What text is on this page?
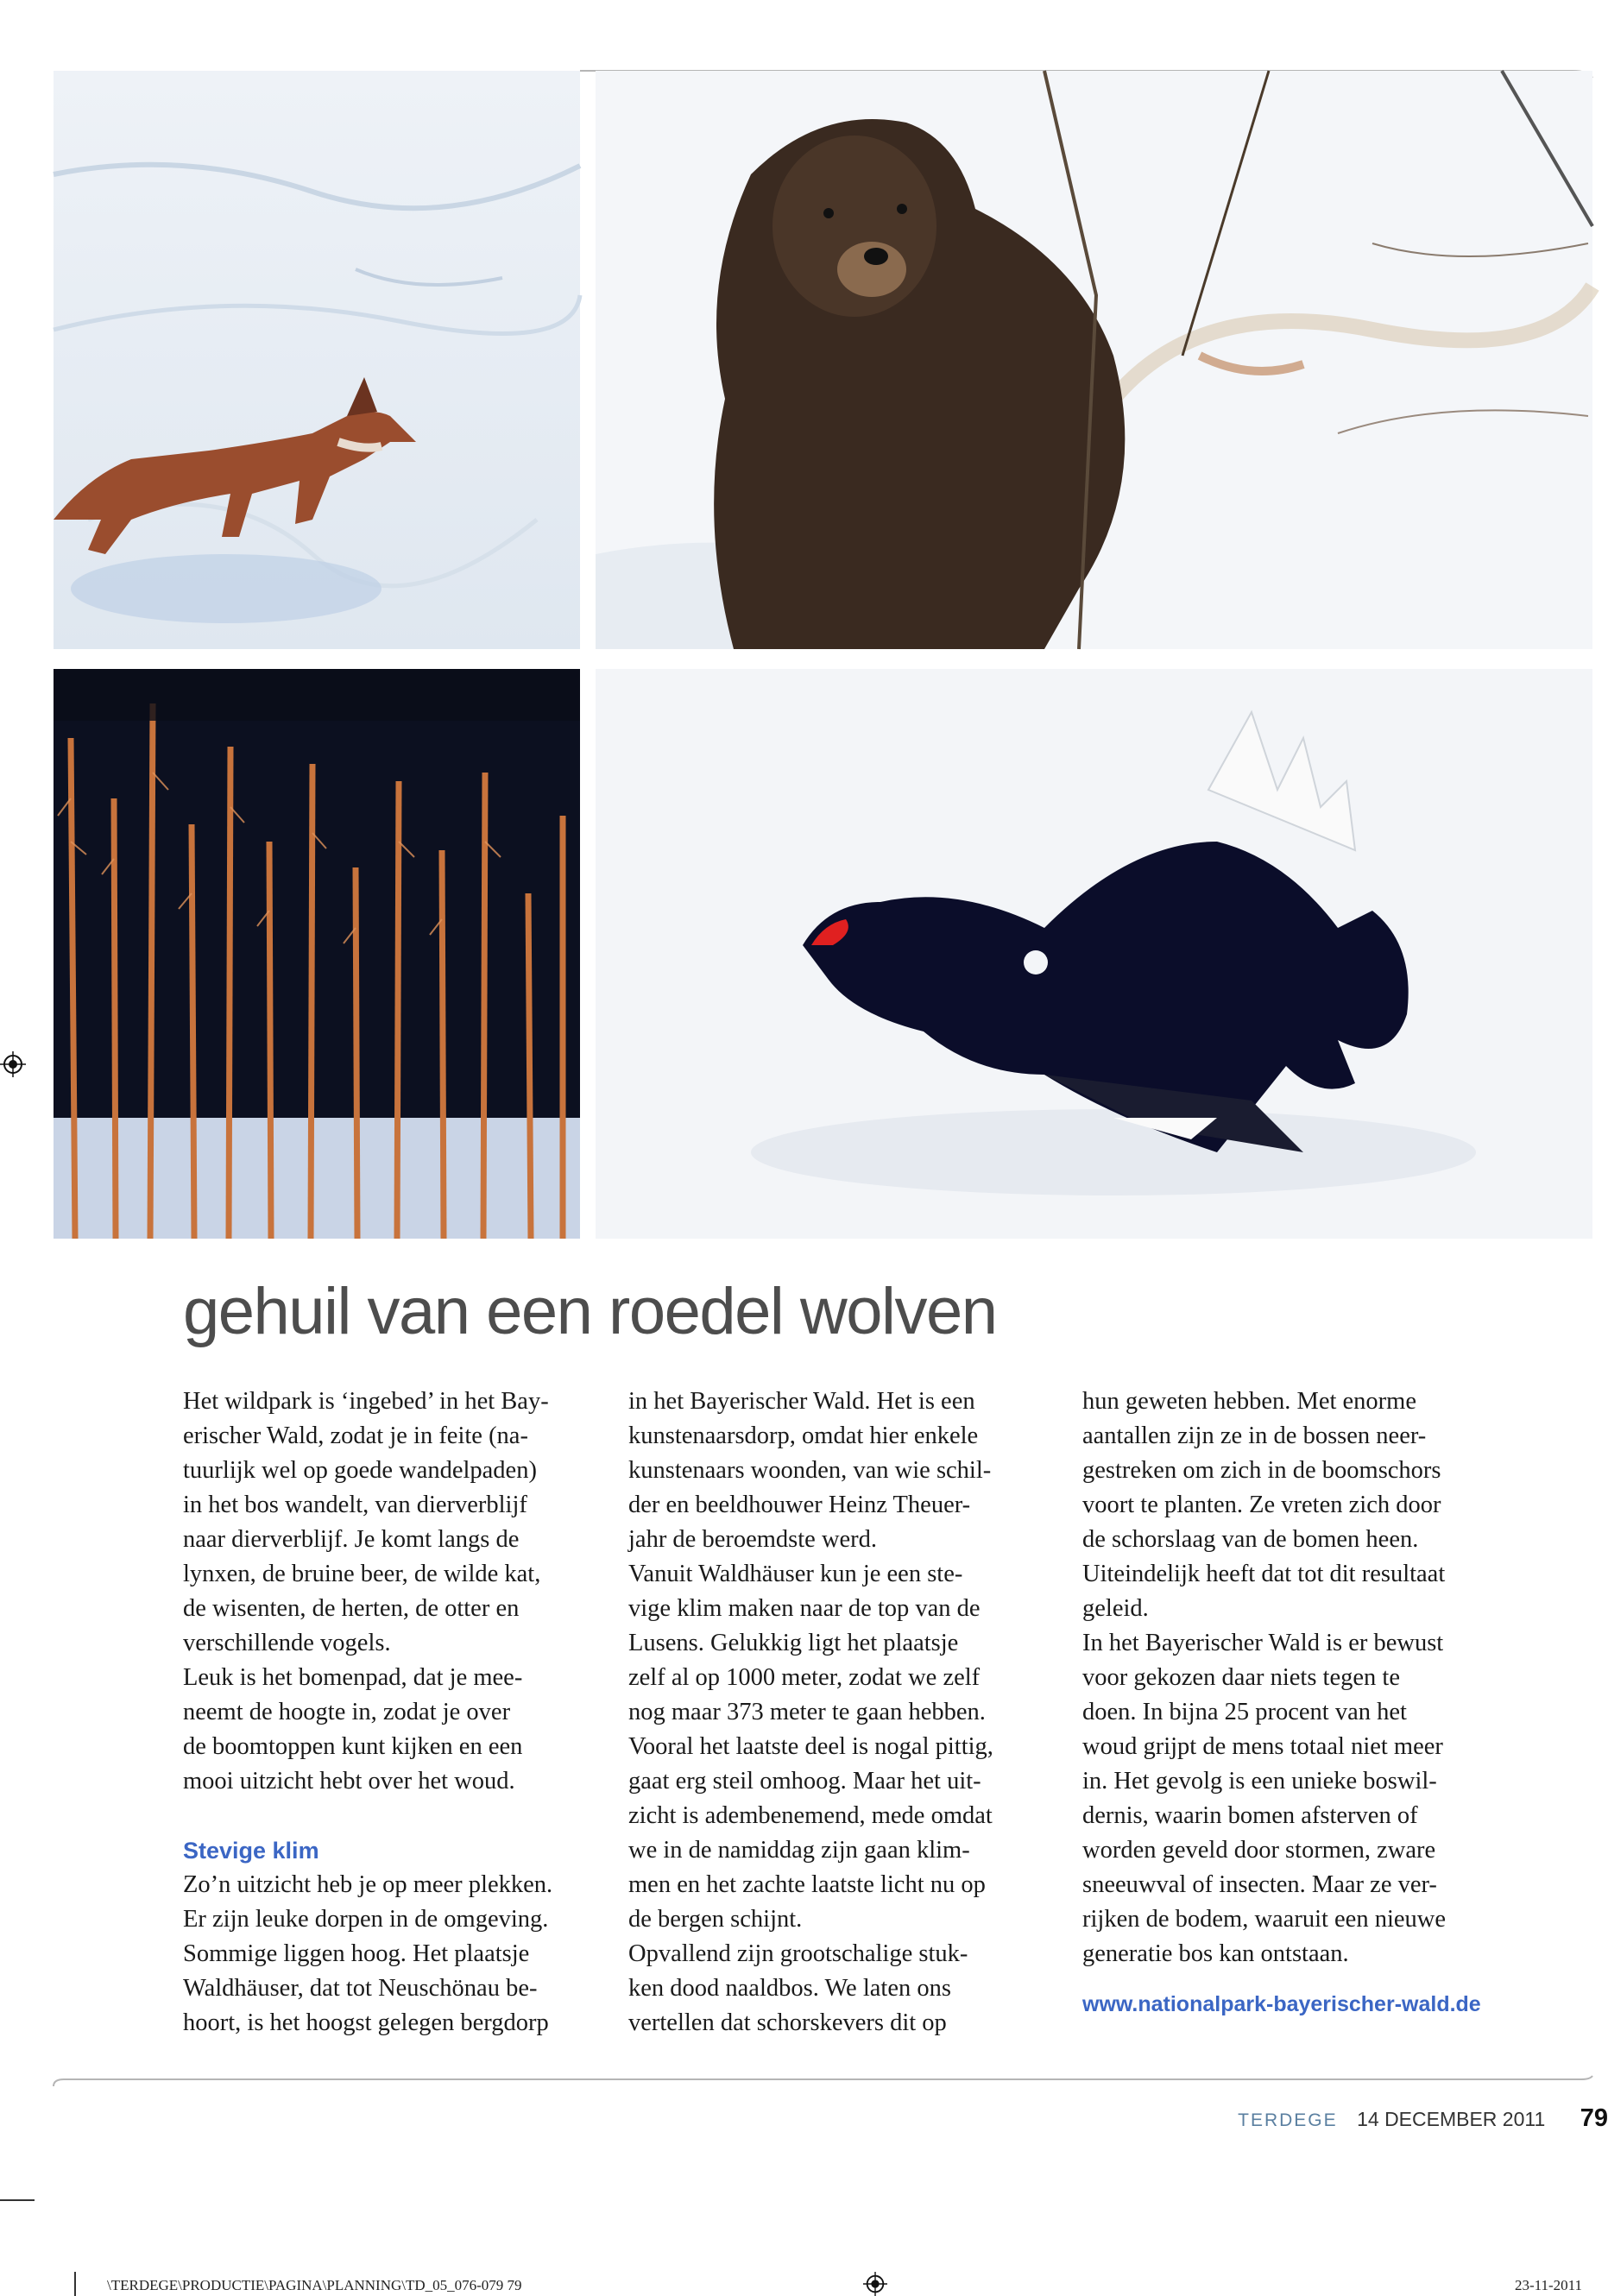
gehuil van een roedel wolven
Het wildpark is ‘ingebed’ in het Bay-
erischer Wald, zodat je in feite (na-
tuurlijk wel op goede wandelpaden)
in het bos wandelt, van dierverblijf
naar dierverblijf. Je komt langs de
lynxen, de bruine beer, de wilde kat,
de wisenten, de herten, de otter en
verschillende vogels.
Leuk is het bomenpad, dat je mee-
neemt de hoogte in, zodat je over
de boomtoppen kunt kijken en een
mooi uitzicht hebt over het woud.
Stevige klim
Zo’n uitzicht heb je op meer plekken.
Er zijn leuke dorpen in de omgeving.
Sommige liggen hoog. Het plaatsje
Waldhäuser, dat tot Neuschönau be-
hoort, is het hoogst gelegen bergdorp
in het Bayerischer Wald. Het is een
kunstenaarsdorp, omdat hier enkele
kunstenaars woonden, van wie schil-
der en beeldhouwer Heinz Theuer-
jahr de beroemdste werd.
Vanuit Waldhäuser kun je een ste-
vige klim maken naar de top van de
Lusens. Gelukkig ligt het plaatsje
zelf al op 1000 meter, zodat we zelf
nog maar 373 meter te gaan hebben.
Vooral het laatste deel is nogal pittig,
gaat erg steil omhoog. Maar het uit-
zicht is adembenemend, mede omdat
we in de namiddag zijn gaan klim-
men en het zachte laatste licht nu op
de bergen schijnt.
Opvallend zijn grootschalige stuk-
ken dood naaldbos. We laten ons
vertellen dat schorskevers dit op
hun geweten hebben. Met enorme
aantallen zijn ze in de bossen neer-
gestreken om zich in de boomschors
voort te planten. Ze vreten zich door
de schorslaag van de bomen heen.
Uiteindelijk heeft dat tot dit resultaat
geleid.
In het Bayerischer Wald is er bewust
voor gekozen daar niets tegen te
doen. In bijna 25 procent van het
woud grijpt de mens totaal niet meer
in. Het gevolg is een unieke boswil-
dernis, waarin bomen afsterven of
worden geveld door stormen, zware
sneeuwval of insecten. Maar ze ver-
rijken de bodem, waaruit een nieuwe
generatie bos kan ontstaan.
www.nationalpark-bayerischer-wald.de
TERDEGE 14 DECEMBER 2011 79
\TERDEGE\PRODUCTIE\PAGINA\PLANNING\TD_05_076-079 79	23-11-2011
